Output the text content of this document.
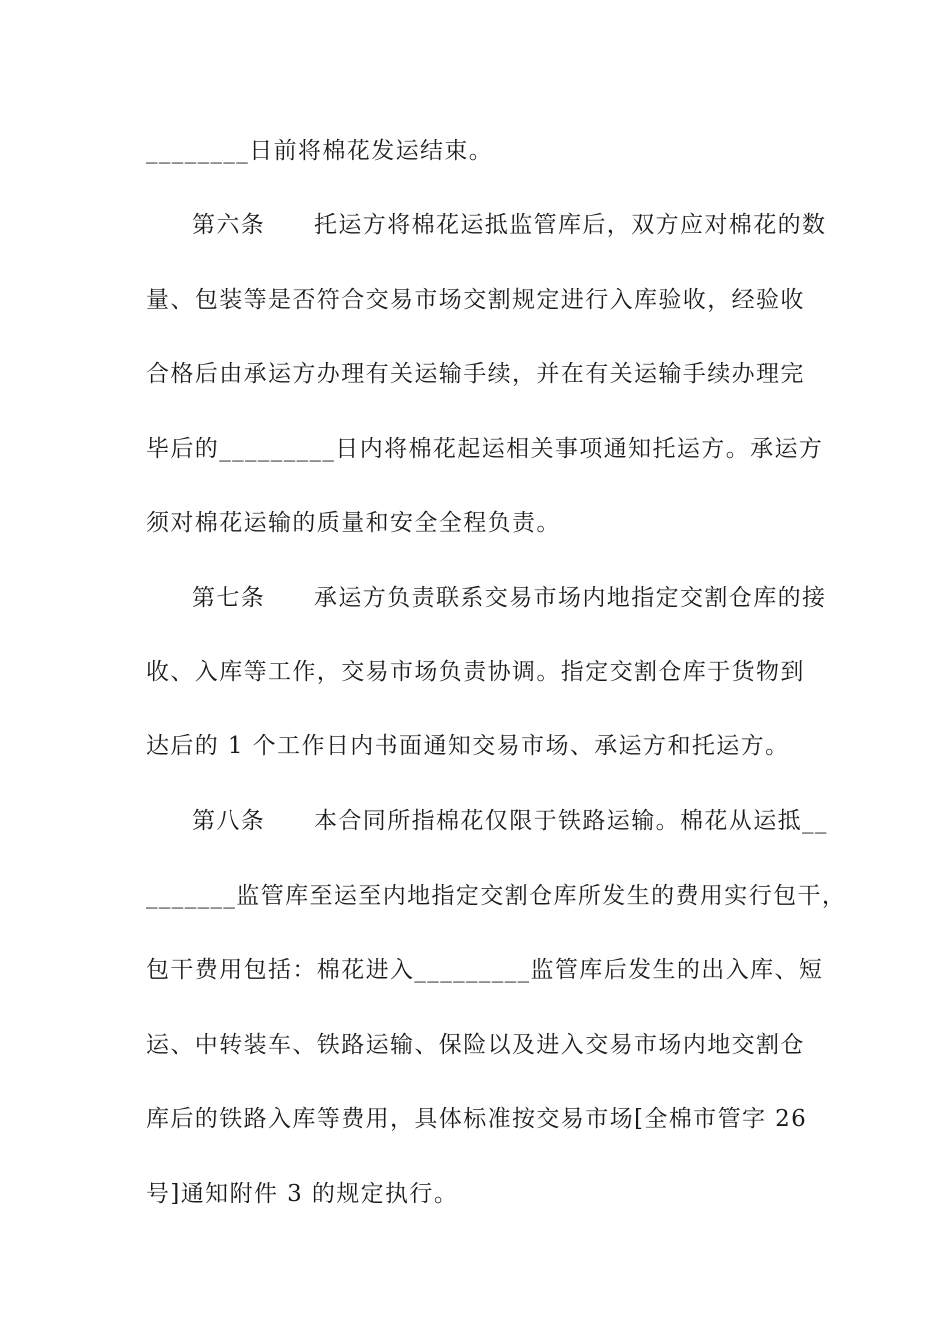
________日前将棉花发运结束。
第六条　　托运方将棉花运抵监管库后，双方应对棉花的数
量、包装等是否符合交易市场交割规定进行入库验收，经验收
合格后由承运方办理有关运输手续，并在有关运输手续办理完
毕后的_________日内将棉花起运相关事项通知托运方。承运方
须对棉花运输的质量和安全全程负责。
第七条　　承运方负责联系交易市场内地指定交割仓库的接
收、入库等工作，交易市场负责协调。指定交割仓库于货物到
达后的 1 个工作日内书面通知交易市场、承运方和托运方。
第八条　　本合同所指棉花仅限于铁路运输。棉花从运抵__
_______监管库至运至内地指定交割仓库所发生的费用实行包干，
包干费用包括：棉花进入_________监管库后发生的出入库、短
运、中转装车、铁路运输、保险以及进入交易市场内地交割仓
库后的铁路入库等费用，具体标准按交易市场[全棉市管字 26
号]通知附件 3 的规定执行。
